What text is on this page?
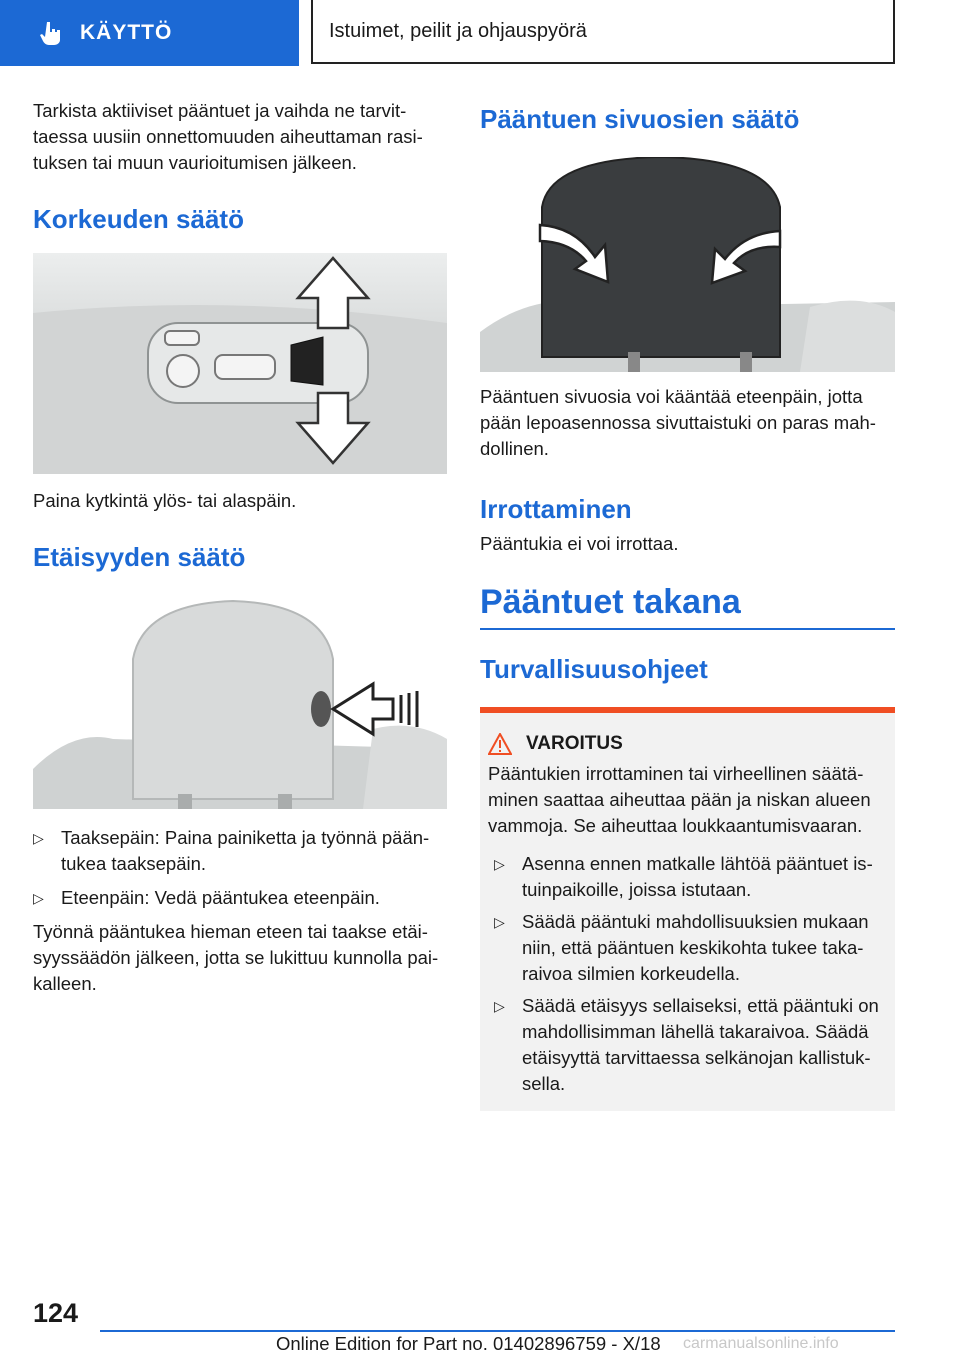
KÄYTTÖ	Istuimet, peilit ja ohjauspyörä

Tarkista aktiiviset pääntuet ja vaihda ne tarvittaessa uusiin onnettomuuden aiheuttaman rasituksen tai muun vaurioitumisen jälkeen.

Korkeuden säätö

Paina kytkintä ylös- tai alaspäin.

Etäisyyden säätö
▷ Taaksepäin: Paina painiketta ja työnnä pääntukea taaksepäin.
▷ Eteenpäin: Vedä pääntukea eteenpäin.

Työnnä pääntukea hieman eteen tai taakse etäisyyssäädön jälkeen, jotta se lukittuu kunnolla paikalleen.

Pääntuen sivuosien säätö

Pääntuen sivuosia voi kääntää eteenpäin, jotta pään lepoasennossa sivuttaistuki on paras mahdollinen.

Irrottaminen

Pääntukia ei voi irrottaa.

Pääntuet takana
Turvallisuusohjeet
VAROITUS

Pääntukien irrottaminen tai virheellinen säätäminen saattaa aiheuttaa pään ja niskan alueen vammoja. Se aiheuttaa loukkaantumisvaaran.

▷ Asenna ennen matkalle lähtöä pääntuet istuinpaikoille, joissa istutaan.
▷ Säädä pääntuki mahdollisuuksien mukaan niin, että pääntuen keskikohta tukee takaraivoa silmien korkeudella.
▷ Säädä etäisyys sellaiseksi, että pääntuki on mahdollisimman lähellä takaraivoa. Säädä etäisyyttä tarvittaessa selkänojan kallistuksella.
124
Online Edition for Part no. 01402896759 - X/18 carmanualsonline.info
